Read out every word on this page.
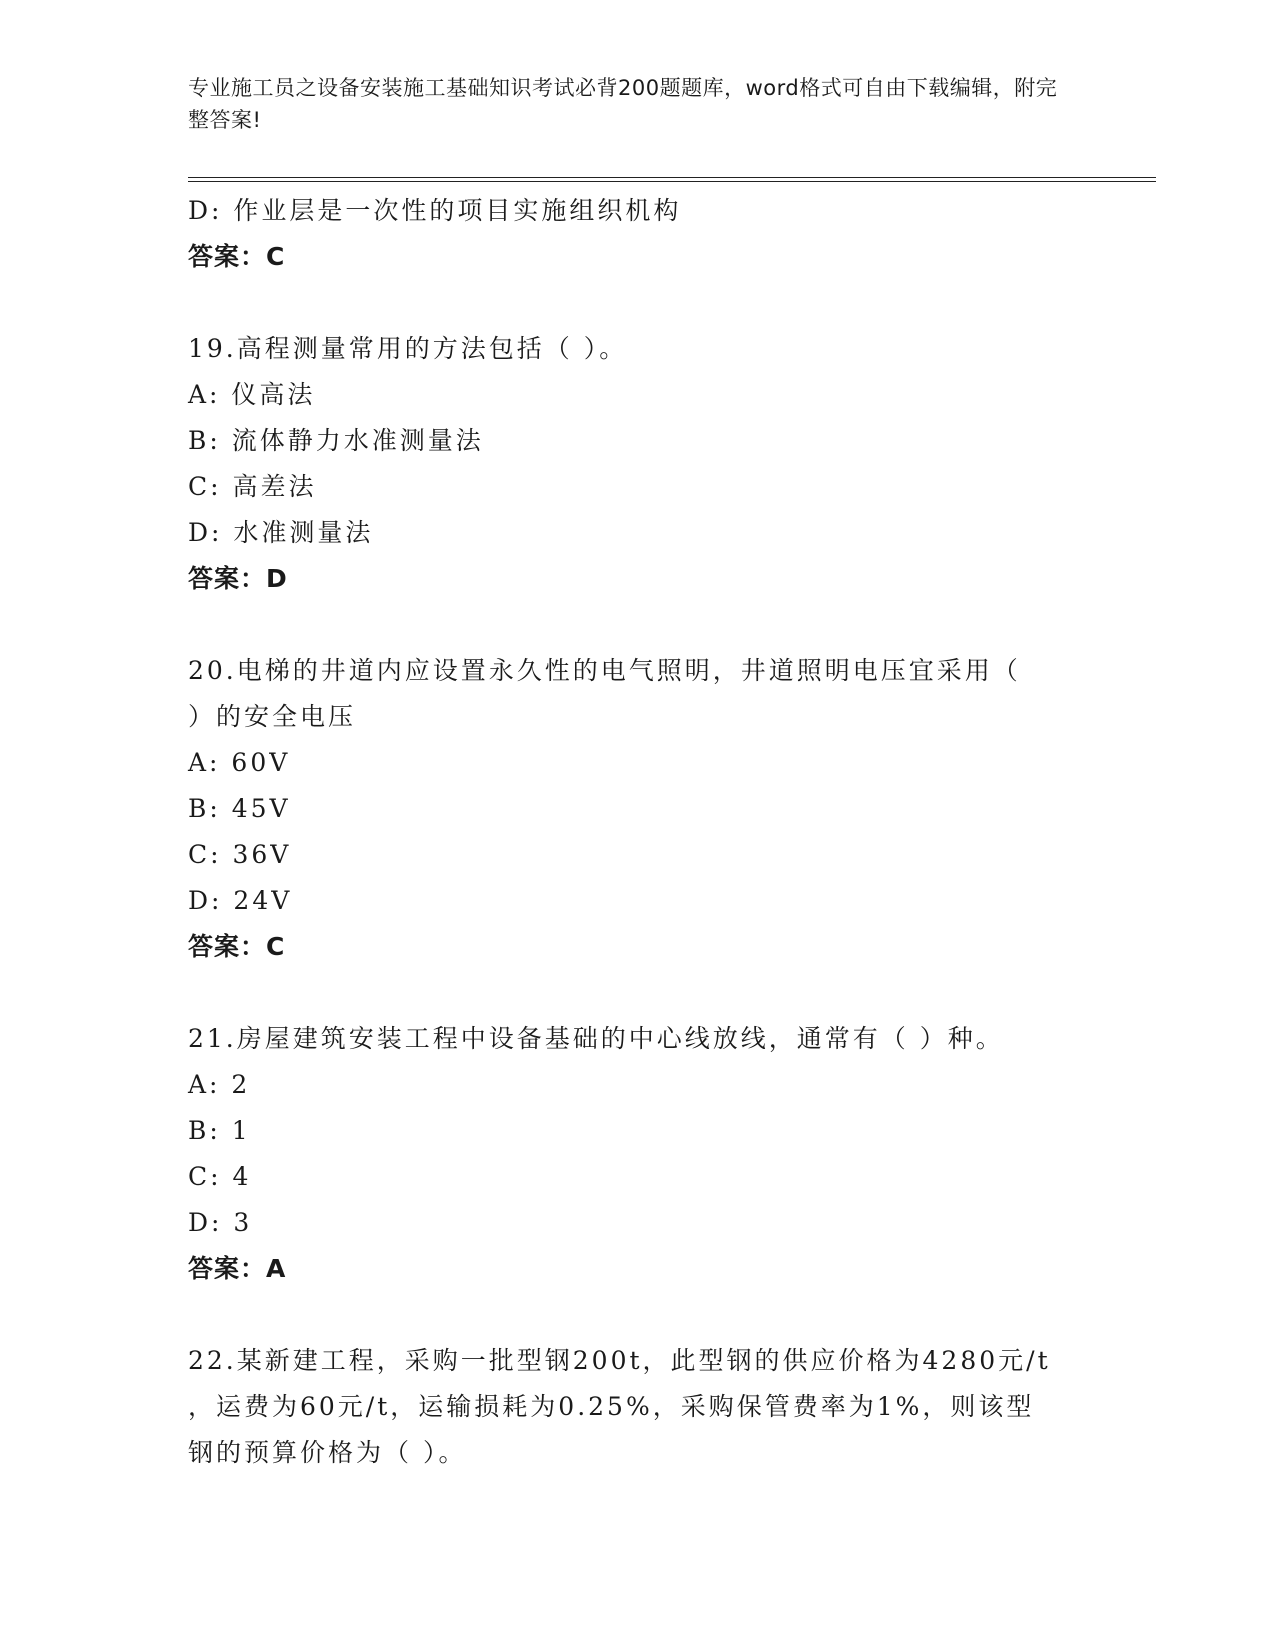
专业施工员之设备安装施工基础知识考试必背200题题库，word格式可自由下载编辑，附完整答案!
D: 作业层是一次性的项目实施组织机构
答案：C
19.高程测量常用的方法包括（ ）。
A: 仪高法
B: 流体静力水准测量法
C: 高差法
D: 水准测量法
答案：D
20.电梯的井道内应设置永久性的电气照明，井道照明电压宜采用（
）的安全电压
A: 60V
B: 45V
C: 36V
D: 24V
答案：C
21.房屋建筑安装工程中设备基础的中心线放线，通常有（ ）种。
A: 2
B: 1
C: 4
D: 3
答案：A
22.某新建工程，采购一批型钢200t，此型钢的供应价格为4280元/t
，运费为60元/t，运输损耗为0.25%，采购保管费率为1%，则该型
钢的预算价格为（ ）。
